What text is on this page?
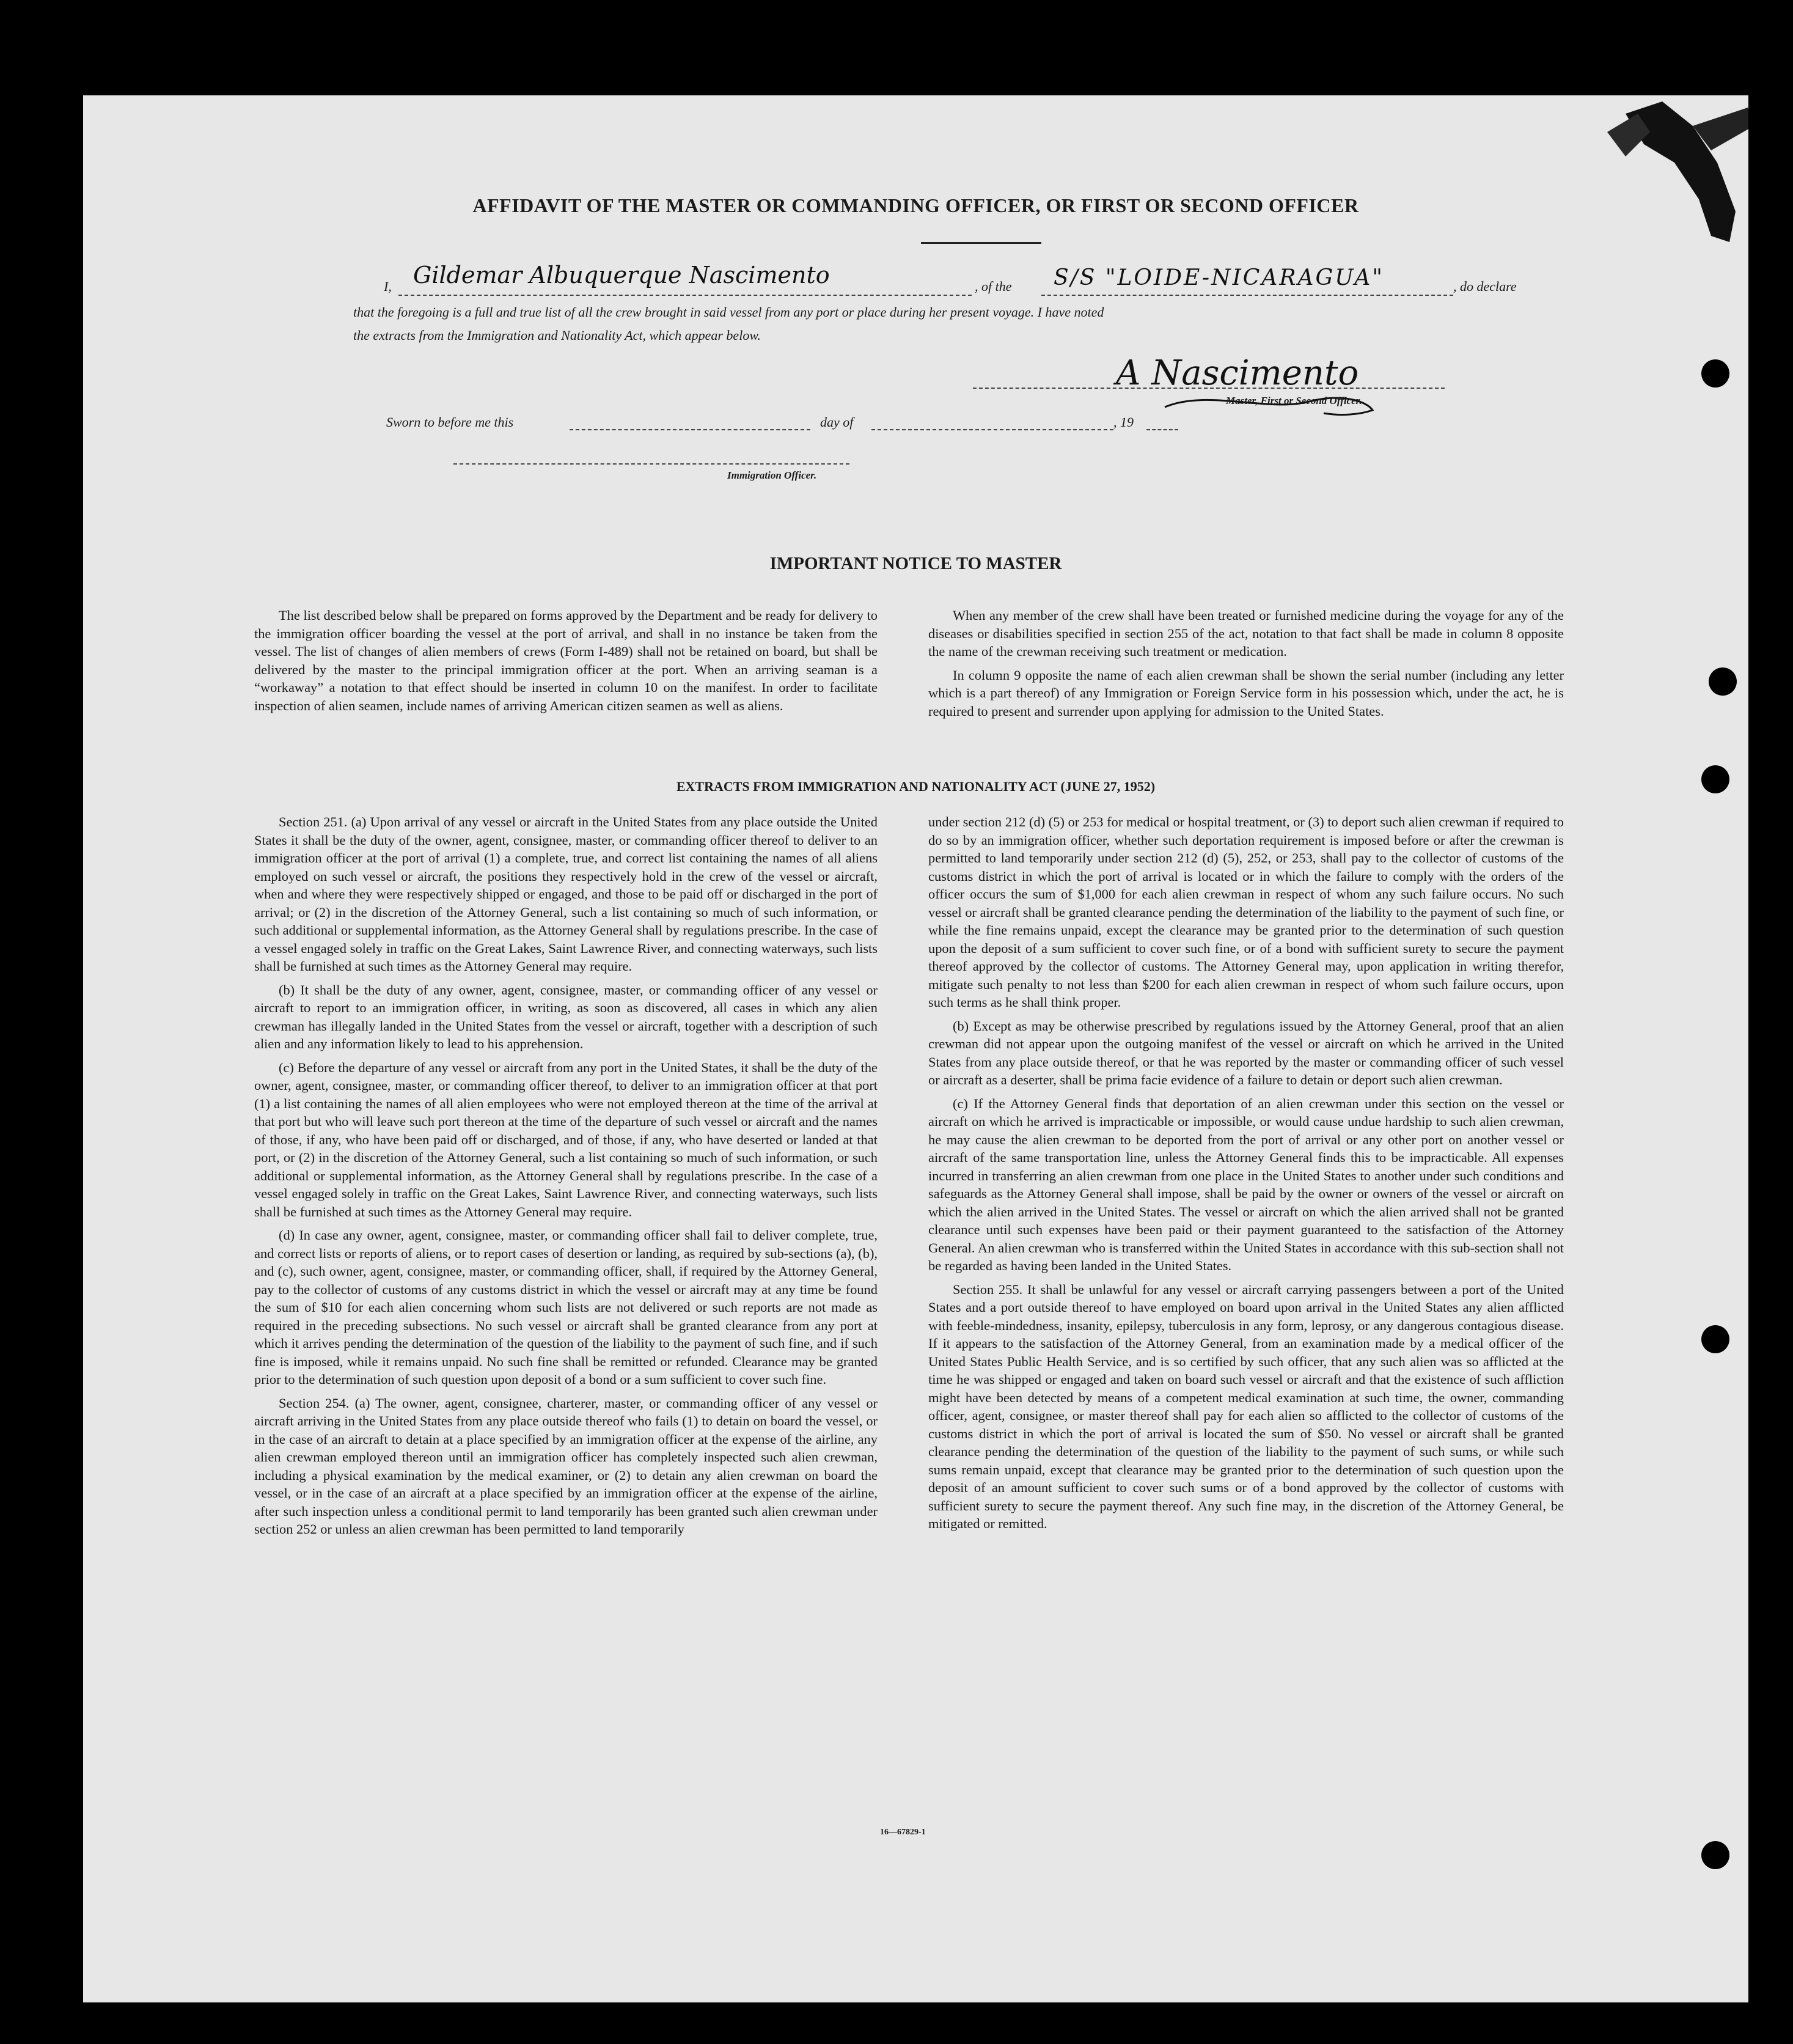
AFFIDAVIT OF THE MASTER OR COMMANDING OFFICER, OR FIRST OR SECOND OFFICER
I, Gildemar Albuquerque Nascimento	, of the S/S "LOIDE-NICARAGUA"	, do declare
that the foregoing is a full and true list of all the crew brought in said vessel from any port or place during her present voyage. I have noted
the extracts from the Immigration and Nationality Act, which appear below.
A Nascimento
Master, First or Second Officer.
Sworn to before me this	day of	, 19
Immigration Officer.
IMPORTANT NOTICE TO MASTER

The list described below shall be prepared on forms approved by the Department and be ready for delivery to the immigration officer boarding the vessel at the port of arrival, and shall in no instance be taken from the vessel. The list of changes of alien members of crews (Form I-489) shall not be retained on board, but shall be delivered by the master to the principal immigration officer at the port. When an arriving seaman is a “workaway” a notation to that effect should be inserted in column 10 on the manifest. In order to facilitate inspection of alien seamen, include names of arriving American citizen seamen as well as aliens.

When any member of the crew shall have been treated or furnished medicine during the voyage for any of the diseases or disabilities specified in section 255 of the act, notation to that fact shall be made in column 8 opposite the name of the crewman receiving such treatment or medication.

In column 9 opposite the name of each alien crewman shall be shown the serial number (including any letter which is a part thereof) of any Immigration or Foreign Service form in his possession which, under the act, he is required to present and surrender upon applying for admission to the United States.

EXTRACTS FROM IMMIGRATION AND NATIONALITY ACT (JUNE 27, 1952)

Section 251. (a) Upon arrival of any vessel or aircraft in the United States from any place outside the United States it shall be the duty of the owner, agent, consignee, master, or commanding officer thereof to deliver to an immigration officer at the port of arrival (1) a complete, true, and correct list containing the names of all aliens employed on such vessel or aircraft, the positions they respectively hold in the crew of the vessel or aircraft, when and where they were respectively shipped or engaged, and those to be paid off or discharged in the port of arrival; or (2) in the discretion of the Attorney General, such a list containing so much of such information, or such additional or supplemental information, as the Attorney General shall by regulations prescribe. In the case of a vessel engaged solely in traffic on the Great Lakes, Saint Lawrence River, and connecting waterways, such lists shall be furnished at such times as the Attorney General may require.

(b) It shall be the duty of any owner, agent, consignee, master, or commanding officer of any vessel or aircraft to report to an immigration officer, in writing, as soon as discovered, all cases in which any alien crewman has illegally landed in the United States from the vessel or aircraft, together with a description of such alien and any information likely to lead to his apprehension.

(c) Before the departure of any vessel or aircraft from any port in the United States, it shall be the duty of the owner, agent, consignee, master, or commanding officer thereof, to deliver to an immigration officer at that port (1) a list containing the names of all alien employees who were not employed thereon at the time of the arrival at that port but who will leave such port thereon at the time of the departure of such vessel or aircraft and the names of those, if any, who have been paid off or discharged, and of those, if any, who have deserted or landed at that port, or (2) in the discretion of the Attorney General, such a list containing so much of such information, or such additional or supplemental information, as the Attorney General shall by regulations prescribe. In the case of a vessel engaged solely in traffic on the Great Lakes, Saint Lawrence River, and connecting waterways, such lists shall be furnished at such times as the Attorney General may require.

(d) In case any owner, agent, consignee, master, or commanding officer shall fail to deliver complete, true, and correct lists or reports of aliens, or to report cases of desertion or landing, as required by sub-sections (a), (b), and (c), such owner, agent, consignee, master, or commanding officer, shall, if required by the Attorney General, pay to the collector of customs of any customs district in which the vessel or aircraft may at any time be found the sum of $10 for each alien concerning whom such lists are not delivered or such reports are not made as required in the preceding subsections. No such vessel or aircraft shall be granted clearance from any port at which it arrives pending the determination of the question of the liability to the payment of such fine, and if such fine is imposed, while it remains unpaid. No such fine shall be remitted or refunded. Clearance may be granted prior to the determination of such question upon deposit of a bond or a sum sufficient to cover such fine.

Section 254. (a) The owner, agent, consignee, charterer, master, or commanding officer of any vessel or aircraft arriving in the United States from any place outside thereof who fails (1) to detain on board the vessel, or in the case of an aircraft to detain at a place specified by an immigration officer at the expense of the airline, any alien crewman employed thereon until an immigration officer has completely inspected such alien crewman, including a physical examination by the medical examiner, or (2) to detain any alien crewman on board the vessel, or in the case of an aircraft at a place specified by an immigration officer at the expense of the airline, after such inspection unless a conditional permit to land temporarily has been granted such alien crewman under section 252 or unless an alien crewman has been permitted to land temporarily

under section 212 (d) (5) or 253 for medical or hospital treatment, or (3) to deport such alien crewman if required to do so by an immigration officer, whether such deportation requirement is imposed before or after the crewman is permitted to land temporarily under section 212 (d) (5), 252, or 253, shall pay to the collector of customs of the customs district in which the port of arrival is located or in which the failure to comply with the orders of the officer occurs the sum of $1,000 for each alien crewman in respect of whom any such failure occurs. No such vessel or aircraft shall be granted clearance pending the determination of the liability to the payment of such fine, or while the fine remains unpaid, except the clearance may be granted prior to the determination of such question upon the deposit of a sum sufficient to cover such fine, or of a bond with sufficient surety to secure the payment thereof approved by the collector of customs. The Attorney General may, upon application in writing therefor, mitigate such penalty to not less than $200 for each alien crewman in respect of whom such failure occurs, upon such terms as he shall think proper.

(b) Except as may be otherwise prescribed by regulations issued by the Attorney General, proof that an alien crewman did not appear upon the outgoing manifest of the vessel or aircraft on which he arrived in the United States from any place outside thereof, or that he was reported by the master or commanding officer of such vessel or aircraft as a deserter, shall be prima facie evidence of a failure to detain or deport such alien crewman.

(c) If the Attorney General finds that deportation of an alien crewman under this section on the vessel or aircraft on which he arrived is impracticable or impossible, or would cause undue hardship to such alien crewman, he may cause the alien crewman to be deported from the port of arrival or any other port on another vessel or aircraft of the same transportation line, unless the Attorney General finds this to be impracticable. All expenses incurred in transferring an alien crewman from one place in the United States to another under such conditions and safeguards as the Attorney General shall impose, shall be paid by the owner or owners of the vessel or aircraft on which the alien arrived in the United States. The vessel or aircraft on which the alien arrived shall not be granted clearance until such expenses have been paid or their payment guaranteed to the satisfaction of the Attorney General. An alien crewman who is transferred within the United States in accordance with this sub-section shall not be regarded as having been landed in the United States.

Section 255. It shall be unlawful for any vessel or aircraft carrying passengers between a port of the United States and a port outside thereof to have employed on board upon arrival in the United States any alien afflicted with feeble-mindedness, insanity, epilepsy, tuberculosis in any form, leprosy, or any dangerous contagious disease. If it appears to the satisfaction of the Attorney General, from an examination made by a medical officer of the United States Public Health Service, and is so certified by such officer, that any such alien was so afflicted at the time he was shipped or engaged and taken on board such vessel or aircraft and that the existence of such affliction might have been detected by means of a competent medical examination at such time, the owner, commanding officer, agent, consignee, or master thereof shall pay for each alien so afflicted to the collector of customs of the customs district in which the port of arrival is located the sum of $50. No vessel or aircraft shall be granted clearance pending the determination of the question of the liability to the payment of such sums, or while such sums remain unpaid, except that clearance may be granted prior to the determination of such question upon the deposit of an amount sufficient to cover such sums or of a bond approved by the collector of customs with sufficient surety to secure the payment thereof. Any such fine may, in the discretion of the Attorney General, be mitigated or remitted.

16—67829-1
